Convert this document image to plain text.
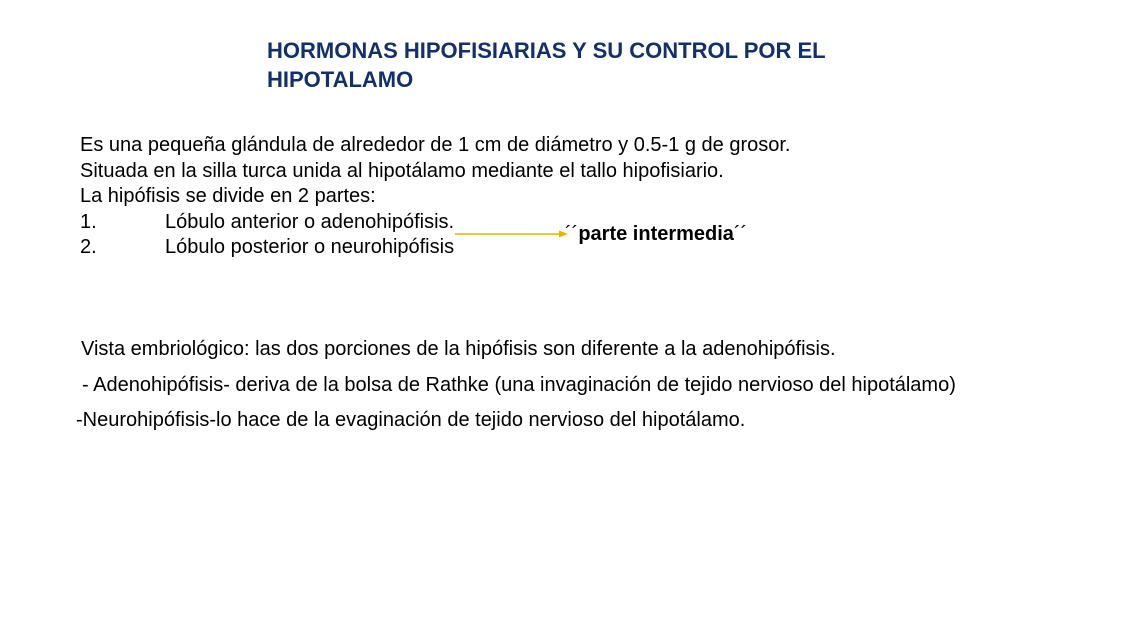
HORMONAS HIPOFISIARIAS Y SU CONTROL POR EL
HIPOTALAMO
Es una pequeña glándula de alrededor de 1 cm de diámetro y 0.5-1 g de grosor.
Situada en la silla turca unida al hipotálamo mediante el tallo hipofisiario.
La hipófisis se divide en 2 partes:
1.	Lóbulo anterior o adenohipófisis.
2.	Lóbulo posterior o neurohipófisis
´´parte intermedia´´
Vista embriológico: las dos porciones de la hipófisis son diferente a la adenohipófisis.
- Adenohipófisis- deriva de la bolsa de Rathke (una invaginación de tejido nervioso del hipotálamo)
-Neurohipófisis-lo hace de la evaginación de tejido nervioso del hipotálamo.
